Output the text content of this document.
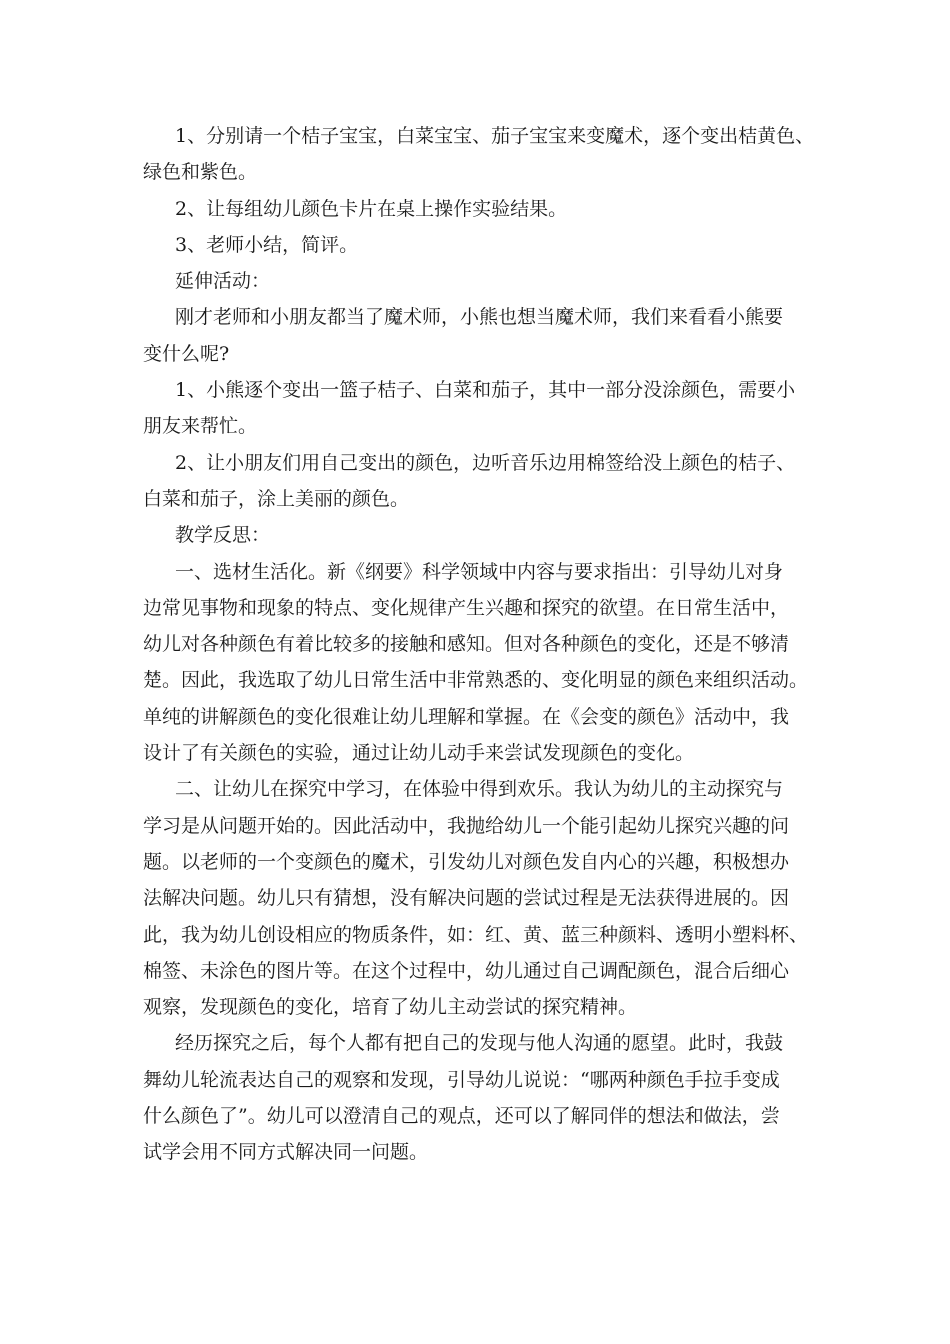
1、分别请一个桔子宝宝，白菜宝宝、茄子宝宝来变魔术，逐个变出桔黄色、
绿色和紫色。

2、让每组幼儿颜色卡片在桌上操作实验结果。

3、老师小结，简评。

延伸活动：

刚才老师和小朋友都当了魔术师，小熊也想当魔术师，我们来看看小熊要
变什么呢?

1、小熊逐个变出一篮子桔子、白菜和茄子，其中一部分没涂颜色，需要小
朋友来帮忙。

2、让小朋友们用自己变出的颜色，边听音乐边用棉签给没上颜色的桔子、
白菜和茄子，涂上美丽的颜色。

教学反思：

一、选材生活化。新《纲要》科学领域中内容与要求指出：引导幼儿对身
边常见事物和现象的特点、变化规律产生兴趣和探究的欲望。在日常生活中，
幼儿对各种颜色有着比较多的接触和感知。但对各种颜色的变化，还是不够清
楚。因此，我选取了幼儿日常生活中非常熟悉的、变化明显的颜色来组织活动。
单纯的讲解颜色的变化很难让幼儿理解和掌握。在《会变的颜色》活动中，我
设计了有关颜色的实验，通过让幼儿动手来尝试发现颜色的变化。

二、让幼儿在探究中学习，在体验中得到欢乐。我认为幼儿的主动探究与
学习是从问题开始的。因此活动中，我抛给幼儿一个能引起幼儿探究兴趣的问
题。以老师的一个变颜色的魔术，引发幼儿对颜色发自内心的兴趣，积极想办
法解决问题。幼儿只有猜想，没有解决问题的尝试过程是无法获得进展的。因
此，我为幼儿创设相应的物质条件，如：红、黄、蓝三种颜料、透明小塑料杯、
棉签、未涂色的图片等。在这个过程中，幼儿通过自己调配颜色，混合后细心
观察，发现颜色的变化，培育了幼儿主动尝试的探究精神。

经历探究之后，每个人都有把自己的发现与他人沟通的愿望。此时，我鼓
舞幼儿轮流表达自己的观察和发现，引导幼儿说说：“哪两种颜色手拉手变成
什么颜色了”。幼儿可以澄清自己的观点，还可以了解同伴的想法和做法，尝
试学会用不同方式解决同一问题。
